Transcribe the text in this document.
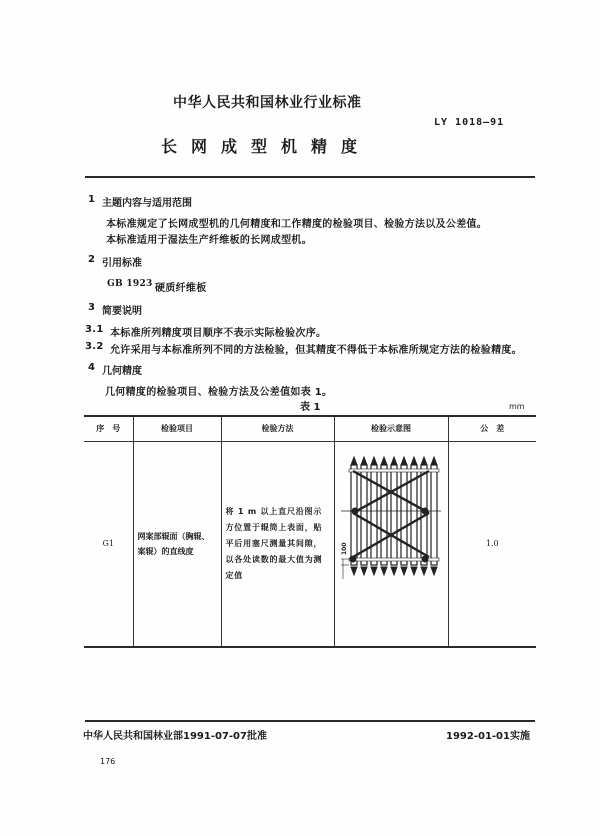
中华人民共和国林业行业标准
LY 1018—91
长网成型机精度
1 主题内容与适用范围
本标准规定了长网成型机的几何精度和工作精度的检验项目、检验方法以及公差值。
本标准适用于湿法生产纤维板的长网成型机。
2 引用标准
GB 1923 硬质纤维板
3 简要说明
3.1 本标准所列精度项目顺序不表示实际检验次序。
3.2 允许采用与本标准所列不同的方法检验，但其精度不得低于本标准所规定方法的检验精度。
4 几何精度
几何精度的检验项目、检验方法及公差值如表 1。
表 1	mm
序　号	检验项目	检验方法	检验示意图	公　差
G1	网案部辊面（胸辊、案辊）的直线度	将 1 m 以上直尺沿图示方位置于辊筒上表面，贴平后用塞尺测量其间隙，以各处读数的最大值为测定值	100	1.0
中华人民共和国林业部1991-07-07批准	1992-01-01实施
176
